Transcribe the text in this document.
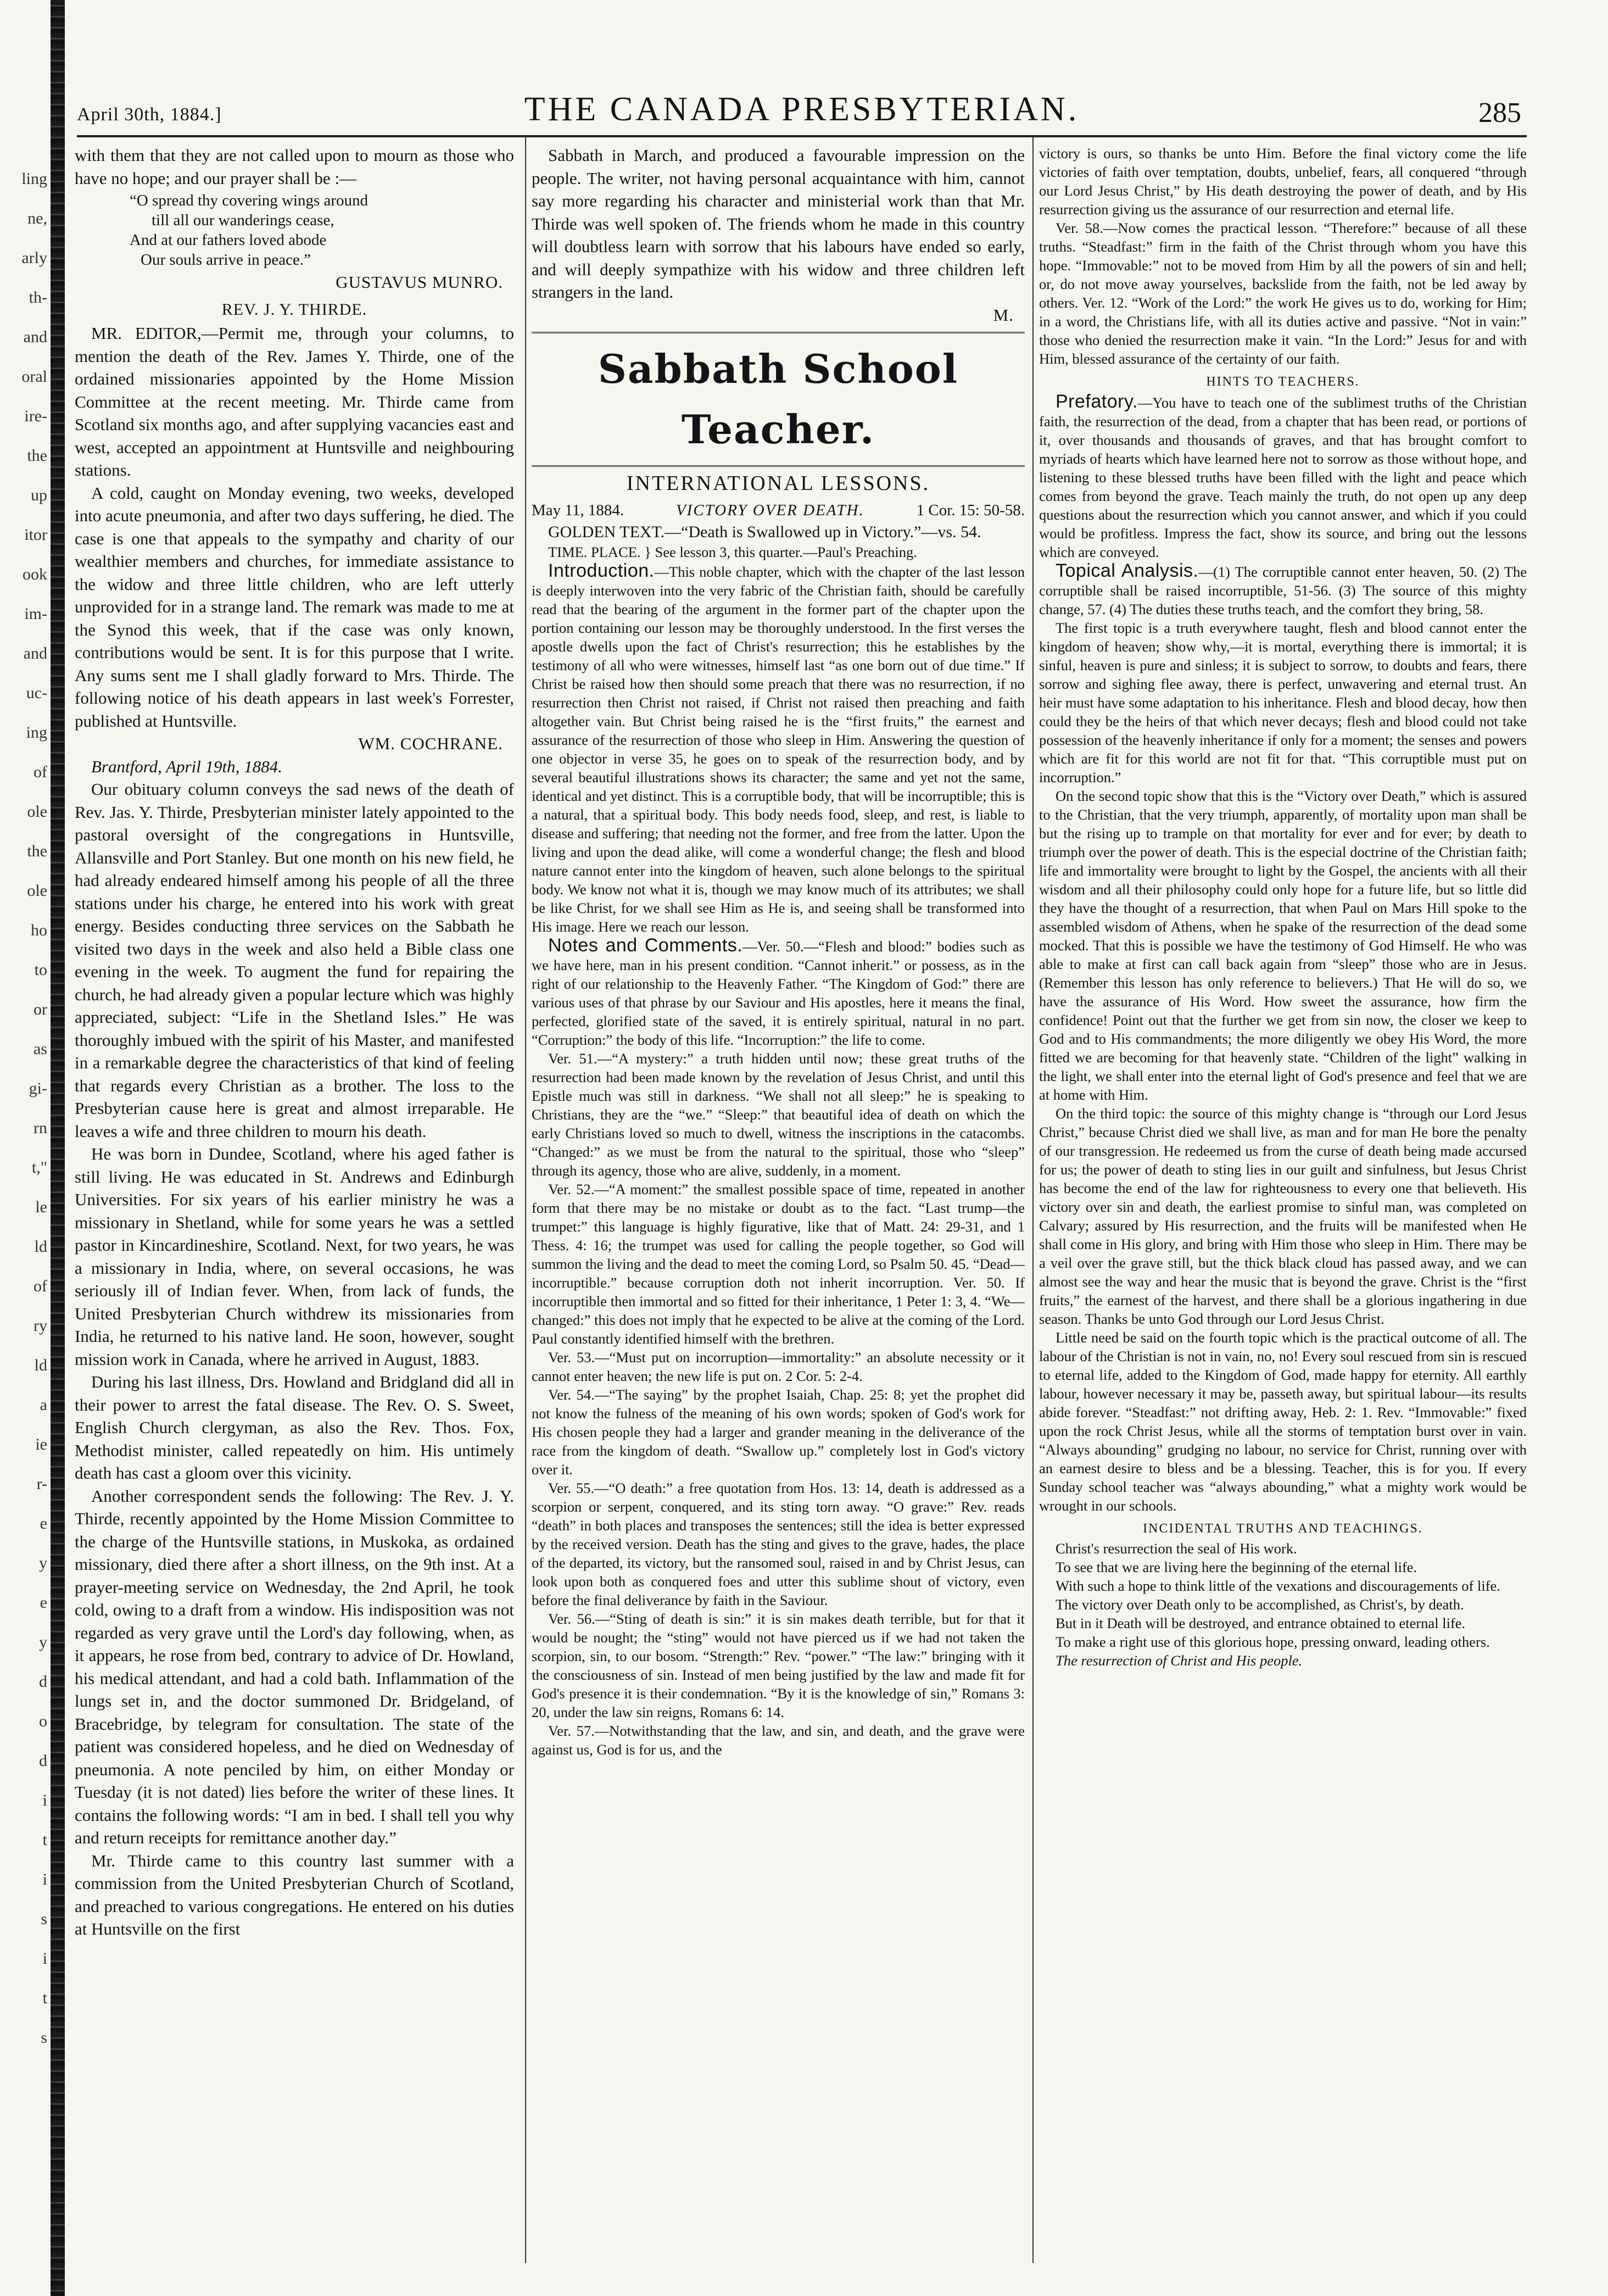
ling
ne,
arly
th-
and
oral
ire-
the
up
itor
ook
im-
and
uc-
ing
of
ole
the
ole
ho
to
or
as
gi-
rn
t,"
le
ld
of
ry
ld
a
ie
r-
e
y
e
y
d
o
d
i
t
i
s
i
t
s
April 30th, 1884.]	THE CANADA PRESBYTERIAN.	285

with them that they are not called upon to mourn as those who have no hope; and our prayer shall be :—

“O spread thy covering wings around
till all our wanderings cease,
And at our fathers loved abode
Our souls arrive in peace.”
GUSTAVUS MUNRO.
REV. J. Y. THIRDE.

MR. EDITOR,—Permit me, through your columns, to mention the death of the Rev. James Y. Thirde, one of the ordained missionaries appointed by the Home Mission Committee at the recent meeting. Mr. Thirde came from Scotland six months ago, and after supplying vacancies east and west, accepted an appointment at Huntsville and neighbouring stations.

A cold, caught on Monday evening, two weeks, developed into acute pneumonia, and after two days suffering, he died. The case is one that appeals to the sympathy and charity of our wealthier members and churches, for immediate assistance to the widow and three little children, who are left utterly unprovided for in a strange land. The remark was made to me at the Synod this week, that if the case was only known, contributions would be sent. It is for this purpose that I write. Any sums sent me I shall gladly forward to Mrs. Thirde. The following notice of his death appears in last week's Forrester, published at Huntsville.

WM. COCHRANE.

Brantford, April 19th, 1884.

Our obituary column conveys the sad news of the death of Rev. Jas. Y. Thirde, Presbyterian minister lately appointed to the pastoral oversight of the congregations in Huntsville, Allansville and Port Stanley. But one month on his new field, he had already endeared himself among his people of all the three stations under his charge, he entered into his work with great energy. Besides conducting three services on the Sabbath he visited two days in the week and also held a Bible class one evening in the week. To augment the fund for repairing the church, he had already given a popular lecture which was highly appreciated, subject: “Life in the Shetland Isles.” He was thoroughly imbued with the spirit of his Master, and manifested in a remarkable degree the characteristics of that kind of feeling that regards every Christian as a brother. The loss to the Presbyterian cause here is great and almost irreparable. He leaves a wife and three children to mourn his death.

He was born in Dundee, Scotland, where his aged father is still living. He was educated in St. Andrews and Edinburgh Universities. For six years of his earlier ministry he was a missionary in Shetland, while for some years he was a settled pastor in Kincardineshire, Scotland. Next, for two years, he was a missionary in India, where, on several occasions, he was seriously ill of Indian fever. When, from lack of funds, the United Presbyterian Church withdrew its missionaries from India, he returned to his native land. He soon, however, sought mission work in Canada, where he arrived in August, 1883.

During his last illness, Drs. Howland and Bridgland did all in their power to arrest the fatal disease. The Rev. O. S. Sweet, English Church clergyman, as also the Rev. Thos. Fox, Methodist minister, called repeatedly on him. His untimely death has cast a gloom over this vicinity.

Another correspondent sends the following: The Rev. J. Y. Thirde, recently appointed by the Home Mission Committee to the charge of the Huntsville stations, in Muskoka, as ordained missionary, died there after a short illness, on the 9th inst. At a prayer-meeting service on Wednesday, the 2nd April, he took cold, owing to a draft from a window. His indisposition was not regarded as very grave until the Lord's day following, when, as it appears, he rose from bed, contrary to advice of Dr. Howland, his medical attendant, and had a cold bath. Inflammation of the lungs set in, and the doctor summoned Dr. Bridgeland, of Bracebridge, by telegram for consultation. The state of the patient was considered hopeless, and he died on Wednesday of pneumonia. A note penciled by him, on either Monday or Tuesday (it is not dated) lies before the writer of these lines. It contains the following words: “I am in bed. I shall tell you why and return receipts for remittance another day.”

Mr. Thirde came to this country last summer with a commission from the United Presbyterian Church of Scotland, and preached to various congregations. He entered on his duties at Huntsville on the first

Sabbath in March, and produced a favourable impression on the people. The writer, not having personal acquaintance with him, cannot say more regarding his character and ministerial work than that Mr. Thirde was well spoken of. The friends whom he made in this country will doubtless learn with sorrow that his labours have ended so early, and will deeply sympathize with his widow and three children left strangers in the land.

M.
Sabbath School Teacher.
INTERNATIONAL LESSONS.
May 11, 1884.	VICTORY OVER DEATH.	1 Cor. 15: 50-58.

GOLDEN TEXT.—“Death is Swallowed up in Victory.”—vs. 54.

TIME. PLACE. } See lesson 3, this quarter.—Paul's Preaching.

Introduction.—This noble chapter, which with the chapter of the last lesson is deeply interwoven into the very fabric of the Christian faith, should be carefully read that the bearing of the argument in the former part of the chapter upon the portion containing our lesson may be thoroughly understood. In the first verses the apostle dwells upon the fact of Christ's resurrection; this he establishes by the testimony of all who were witnesses, himself last “as one born out of due time.” If Christ be raised how then should some preach that there was no resurrection, if no resurrection then Christ not raised, if Christ not raised then preaching and faith altogether vain. But Christ being raised he is the “first fruits,” the earnest and assurance of the resurrection of those who sleep in Him. Answering the question of one objector in verse 35, he goes on to speak of the resurrection body, and by several beautiful illustrations shows its character; the same and yet not the same, identical and yet distinct. This is a corruptible body, that will be incorruptible; this is a natural, that a spiritual body. This body needs food, sleep, and rest, is liable to disease and suffering; that needing not the former, and free from the latter. Upon the living and upon the dead alike, will come a wonderful change; the flesh and blood nature cannot enter into the kingdom of heaven, such alone belongs to the spiritual body. We know not what it is, though we may know much of its attributes; we shall be like Christ, for we shall see Him as He is, and seeing shall be transformed into His image. Here we reach our lesson.

Notes and Comments.—Ver. 50.—“Flesh and blood:” bodies such as we have here, man in his present condition. “Cannot inherit.” or possess, as in the right of our relationship to the Heavenly Father. “The Kingdom of God:” there are various uses of that phrase by our Saviour and His apostles, here it means the final, perfected, glorified state of the saved, it is entirely spiritual, natural in no part. “Corruption:” the body of this life. “Incorruption:” the life to come.

Ver. 51.—“A mystery:” a truth hidden until now; these great truths of the resurrection had been made known by the revelation of Jesus Christ, and until this Epistle much was still in darkness. “We shall not all sleep:” he is speaking to Christians, they are the “we.” “Sleep:” that beautiful idea of death on which the early Christians loved so much to dwell, witness the inscriptions in the catacombs. “Changed:” as we must be from the natural to the spiritual, those who “sleep” through its agency, those who are alive, suddenly, in a moment.

Ver. 52.—“A moment:” the smallest possible space of time, repeated in another form that there may be no mistake or doubt as to the fact. “Last trump—the trumpet:” this language is highly figurative, like that of Matt. 24: 29-31, and 1 Thess. 4: 16; the trumpet was used for calling the people together, so God will summon the living and the dead to meet the coming Lord, so Psalm 50. 45. “Dead—incorruptible.” because corruption doth not inherit incorruption. Ver. 50. If incorruptible then immortal and so fitted for their inheritance, 1 Peter 1: 3, 4. “We—changed:” this does not imply that he expected to be alive at the coming of the Lord. Paul constantly identified himself with the brethren.

Ver. 53.—“Must put on incorruption—immortality:” an absolute necessity or it cannot enter heaven; the new life is put on. 2 Cor. 5: 2-4.

Ver. 54.—“The saying” by the prophet Isaiah, Chap. 25: 8; yet the prophet did not know the fulness of the meaning of his own words; spoken of God's work for His chosen people they had a larger and grander meaning in the deliverance of the race from the kingdom of death. “Swallow up.” completely lost in God's victory over it.

Ver. 55.—“O death:” a free quotation from Hos. 13: 14, death is addressed as a scorpion or serpent, conquered, and its sting torn away. “O grave:” Rev. reads “death” in both places and transposes the sentences; still the idea is better expressed by the received version. Death has the sting and gives to the grave, hades, the place of the departed, its victory, but the ransomed soul, raised in and by Christ Jesus, can look upon both as conquered foes and utter this sublime shout of victory, even before the final deliverance by faith in the Saviour.

Ver. 56.—“Sting of death is sin:” it is sin makes death terrible, but for that it would be nought; the “sting” would not have pierced us if we had not taken the scorpion, sin, to our bosom. “Strength:” Rev. “power.” “The law:” bringing with it the consciousness of sin. Instead of men being justified by the law and made fit for God's presence it is their condemnation. “By it is the knowledge of sin,” Romans 3: 20, under the law sin reigns, Romans 6: 14.

Ver. 57.—Notwithstanding that the law, and sin, and death, and the grave were against us, God is for us, and the

victory is ours, so thanks be unto Him. Before the final victory come the life victories of faith over temptation, doubts, unbelief, fears, all conquered “through our Lord Jesus Christ,” by His death destroying the power of death, and by His resurrection giving us the assurance of our resurrection and eternal life.

Ver. 58.—Now comes the practical lesson. “Therefore:” because of all these truths. “Steadfast:” firm in the faith of the Christ through whom you have this hope. “Immovable:” not to be moved from Him by all the powers of sin and hell; or, do not move away yourselves, backslide from the faith, not be led away by others. Ver. 12. “Work of the Lord:” the work He gives us to do, working for Him; in a word, the Christians life, with all its duties active and passive. “Not in vain:” those who denied the resurrection make it vain. “In the Lord:” Jesus for and with Him, blessed assurance of the certainty of our faith.

HINTS TO TEACHERS.

Prefatory.—You have to teach one of the sublimest truths of the Christian faith, the resurrection of the dead, from a chapter that has been read, or portions of it, over thousands and thousands of graves, and that has brought comfort to myriads of hearts which have learned here not to sorrow as those without hope, and listening to these blessed truths have been filled with the light and peace which comes from beyond the grave. Teach mainly the truth, do not open up any deep questions about the resurrection which you cannot answer, and which if you could would be profitless. Impress the fact, show its source, and bring out the lessons which are conveyed.

Topical Analysis.—(1) The corruptible cannot enter heaven, 50. (2) The corruptible shall be raised incorruptible, 51-56. (3) The source of this mighty change, 57. (4) The duties these truths teach, and the comfort they bring, 58.

The first topic is a truth everywhere taught, flesh and blood cannot enter the kingdom of heaven; show why,—it is mortal, everything there is immortal; it is sinful, heaven is pure and sinless; it is subject to sorrow, to doubts and fears, there sorrow and sighing flee away, there is perfect, unwavering and eternal trust. An heir must have some adaptation to his inheritance. Flesh and blood decay, how then could they be the heirs of that which never decays; flesh and blood could not take possession of the heavenly inheritance if only for a moment; the senses and powers which are fit for this world are not fit for that. “This corruptible must put on incorruption.”

On the second topic show that this is the “Victory over Death,” which is assured to the Christian, that the very triumph, apparently, of mortality upon man shall be but the rising up to trample on that mortality for ever and for ever; by death to triumph over the power of death. This is the especial doctrine of the Christian faith; life and immortality were brought to light by the Gospel, the ancients with all their wisdom and all their philosophy could only hope for a future life, but so little did they have the thought of a resurrection, that when Paul on Mars Hill spoke to the assembled wisdom of Athens, when he spake of the resurrection of the dead some mocked. That this is possible we have the testimony of God Himself. He who was able to make at first can call back again from “sleep” those who are in Jesus. (Remember this lesson has only reference to believers.) That He will do so, we have the assurance of His Word. How sweet the assurance, how firm the confidence! Point out that the further we get from sin now, the closer we keep to God and to His commandments; the more diligently we obey His Word, the more fitted we are becoming for that heavenly state. “Children of the light” walking in the light, we shall enter into the eternal light of God's presence and feel that we are at home with Him.

On the third topic: the source of this mighty change is “through our Lord Jesus Christ,” because Christ died we shall live, as man and for man He bore the penalty of our transgression. He redeemed us from the curse of death being made accursed for us; the power of death to sting lies in our guilt and sinfulness, but Jesus Christ has become the end of the law for righteousness to every one that believeth. His victory over sin and death, the earliest promise to sinful man, was completed on Calvary; assured by His resurrection, and the fruits will be manifested when He shall come in His glory, and bring with Him those who sleep in Him. There may be a veil over the grave still, but the thick black cloud has passed away, and we can almost see the way and hear the music that is beyond the grave. Christ is the “first fruits,” the earnest of the harvest, and there shall be a glorious ingathering in due season. Thanks be unto God through our Lord Jesus Christ.

Little need be said on the fourth topic which is the practical outcome of all. The labour of the Christian is not in vain, no, no! Every soul rescued from sin is rescued to eternal life, added to the Kingdom of God, made happy for eternity. All earthly labour, however necessary it may be, passeth away, but spiritual labour—its results abide forever. “Steadfast:” not drifting away, Heb. 2: 1. Rev. “Immovable:” fixed upon the rock Christ Jesus, while all the storms of temptation burst over in vain. “Always abounding” grudging no labour, no service for Christ, running over with an earnest desire to bless and be a blessing. Teacher, this is for you. If every Sunday school teacher was “always abounding,” what a mighty work would be wrought in our schools.

INCIDENTAL TRUTHS AND TEACHINGS.

Christ's resurrection the seal of His work.

To see that we are living here the beginning of the eternal life.

With such a hope to think little of the vexations and discouragements of life.

The victory over Death only to be accomplished, as Christ's, by death.

But in it Death will be destroyed, and entrance obtained to eternal life.

To make a right use of this glorious hope, pressing onward, leading others.

The resurrection of Christ and His people.
